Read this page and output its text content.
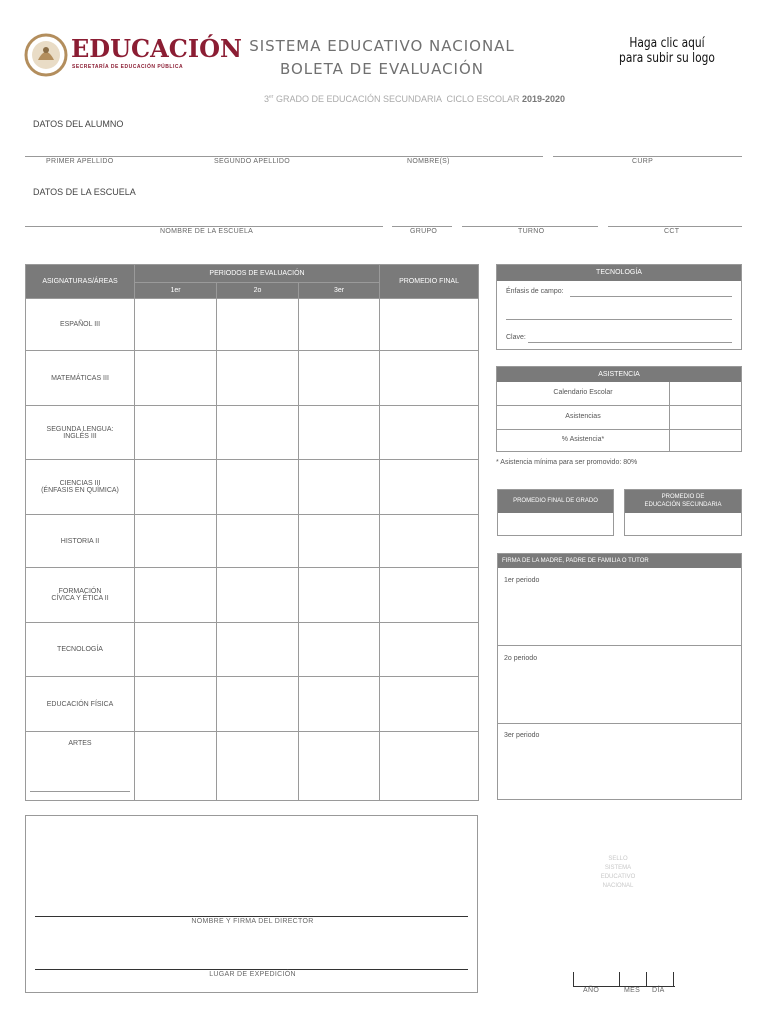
EDUCACIÓN
SECRETARÍA DE EDUCACIÓN PÚBLICA
SISTEMA EDUCATIVO NACIONAL
BOLETA DE EVALUACIÓN

3er GRADO DE EDUCACIÓN SECUNDARIA  CICLO ESCOLAR 2019-2020

Haga clic aquí
para subir su logo
DATOS DEL ALUMNO
PRIMER APELLIDO	SEGUNDO APELLIDO	NOMBRE(S)	CURP
DATOS DE LA ESCUELA
NOMBRE DE LA ESCUELA	GRUPO	TURNO	CCT
ASIGNATURAS/ÁREAS	PERIODOS DE EVALUACIÓN			PROMEDIO FINAL
	1er	2o	3er	
ESPAÑOL III				
MATEMÁTICAS III				
SEGUNDA LENGUA:
INGLÉS III				
CIENCIAS III
(ÉNFASIS EN QUÍMICA)				
HISTORIA II				
FORMACIÓN
CÍVICA Y ÉTICA II				
TECNOLOGÍA				
EDUCACIÓN FÍSICA				

ARTES				

TECNOLOGÍA
Énfasis de campo:
Clave:
ASISTENCIA
Calendario Escolar
Asistencias
% Asistencia*
* Asistencia mínima para ser promovido: 80%
PROMEDIO FINAL DE GRADO
PROMEDIO DE
EDUCACIÓN SECUNDARIA
FIRMA DE LA MADRE, PADRE DE FAMILIA O TUTOR
1er periodo
2o periodo
3er periodo
NOMBRE Y FIRMA DEL DIRECTOR
LUGAR DE EXPEDICIÓN
SELLO
SISTEMA
EDUCATIVO
NACIONAL
AÑO	MES DÍA
